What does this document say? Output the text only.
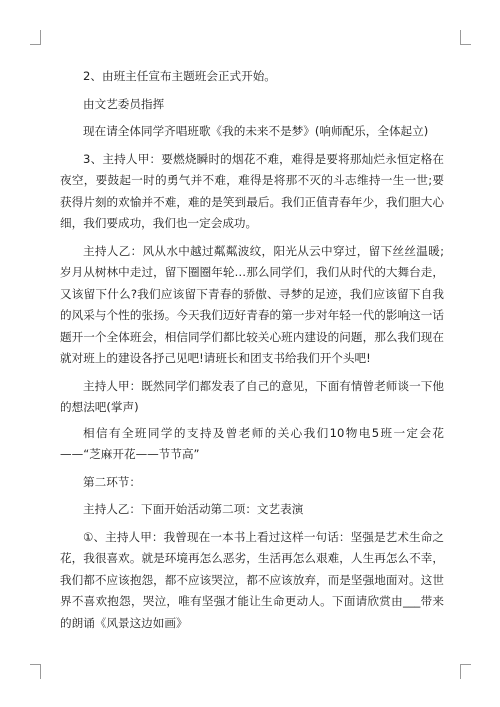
2、由班主任宣布主题班会正式开始。

由文艺委员指挥

现在请全体同学齐唱班歌《我的未来不是梦》(响师配乐，全体起立)

3、主持人甲：要燃烧瞬时的烟花不难，难得是要将那灿烂永恒定格在夜空，要鼓起一时的勇气并不难，难得是将那不灭的斗志维持一生一世;要获得片刻的欢愉并不难，难的是笑到最后。我们正值青春年少，我们胆大心细，我们要成功，我们也一定会成功。

主持人乙：风从水中越过粼粼波纹，阳光从云中穿过，留下丝丝温暖;岁月从树林中走过，留下圈圈年轮…那么同学们，我们从时代的大舞台走，又该留下什么?我们应该留下青春的骄傲、寻梦的足迹，我们应该留下自我的风采与个性的张扬。今天我们迈好青春的第一步对年轻一代的影响这一话题开一个全体班会，相信同学们都比较关心班内建设的问题，那么我们现在就对班上的建设各抒己见吧!请班长和团支书给我们开个头吧!

主持人甲：既然同学们都发表了自己的意见，下面有情曾老师谈一下他的想法吧(掌声)

相信有全班同学的支持及曾老师的关心我们10物电5班一定会花——“芝麻开花——节节高”

第二环节：

主持人乙：下面开始活动第二项：文艺表演

①、主持人甲：我曾现在一本书上看过这样一句话：坚强是艺术生命之花，我很喜欢。就是环境再怎么恶劣，生活再怎么艰难，人生再怎么不幸，我们都不应该抱怨，都不应该哭泣，都不应该放弃，而是坚强地面对。这世界不喜欢抱怨，哭泣，唯有坚强才能让生命更动人。下面请欣赏由___带来的朗诵《风景这边如画》
